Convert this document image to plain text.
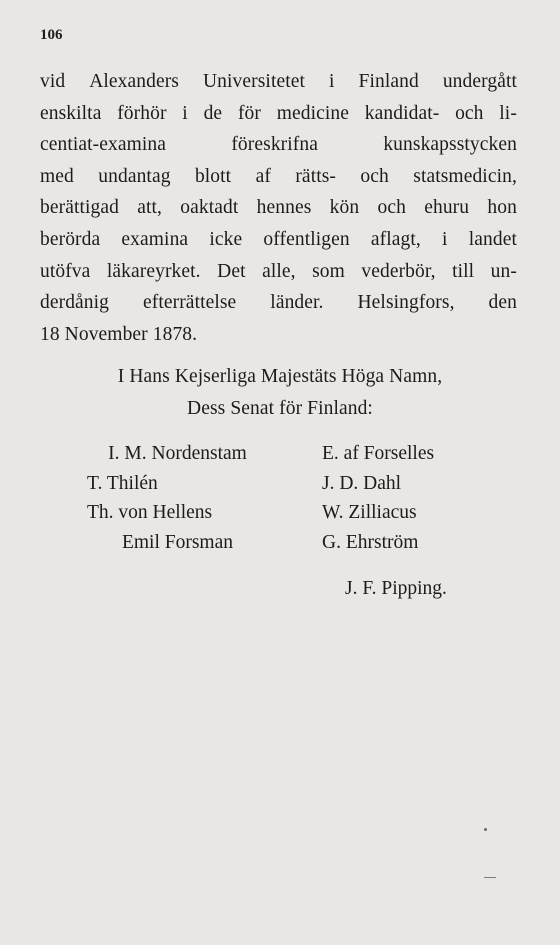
106
vid Alexanders Universitetet i Finland undergått
enskilta förhör i de för medicine kandidat- och li-
centiat-examina	föreskrifna	kunskapsstycken
med undantag blott af rätts- och statsmedicin,
berättigad att, oaktadt hennes kön och ehuru hon
berörda examina icke offentligen aflagt, i landet
utöfva läkareyrket. Det alle, som vederbör, till un-
derdånig efterrättelse länder. Helsingfors, den
18 November 1878.
I Hans Kejserliga Majestäts Höga Namn,
Dess Senat för Finland:
I. M. Nordenstam
T. Thilén
Th. von Hellens
Emil Forsman
E. af Forselles
J. D. Dahl
W. Zilliacus
G. Ehrström
J. F. Pipping.
